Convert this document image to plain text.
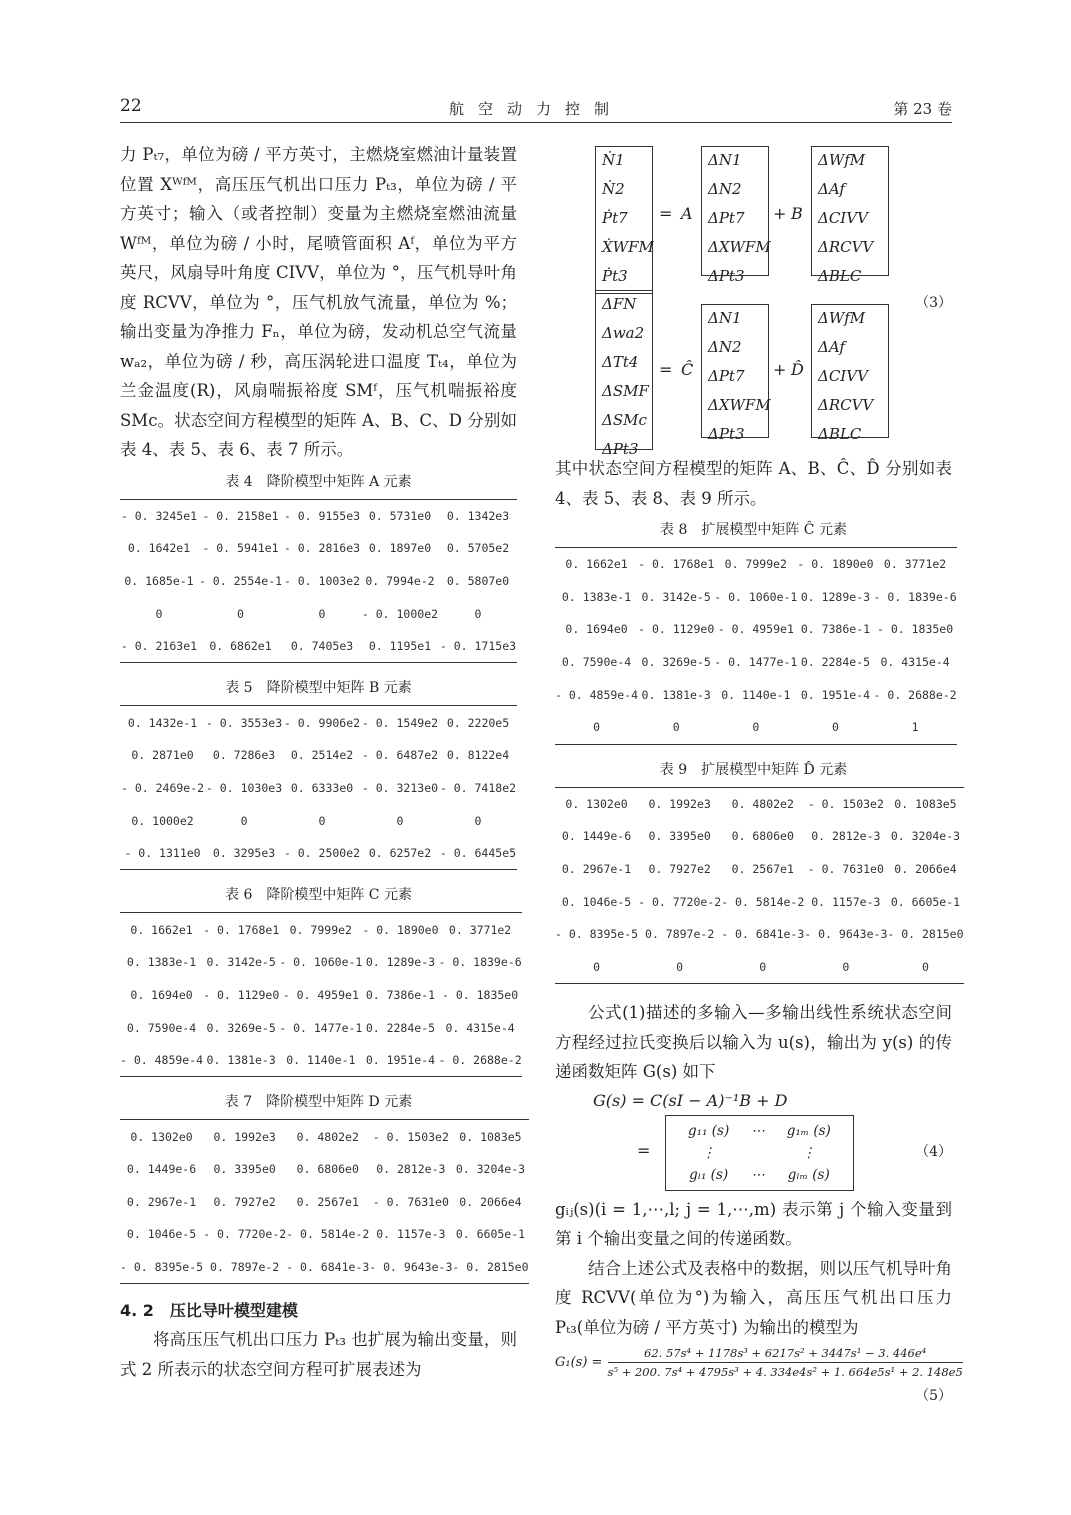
22	航空动力控制	第 23 卷

力 Pₜ₇，单位为磅 / 平方英寸，主燃烧室燃油计量装置位置 Xᵂᶠᴹ，高压压气机出口压力 Pₜ₃，单位为磅 / 平方英寸；输入（或者控制）变量为主燃烧室燃油流量 Wᶠᴹ，单位为磅 / 小时，尾喷管面积 Aᶠ，单位为平方英尺，风扇导叶角度 CIVV，单位为 °，压气机导叶角度 RCVV，单位为 °，压气机放气流量，单位为 %；输出变量为净推力 Fₙ，单位为磅，发动机总空气流量 wₐ₂，单位为磅 / 秒，高压涡轮进口温度 Tₜ₄，单位为兰金温度(R)，风扇喘振裕度 SMᶠ，压气机喘振裕度 SMc。状态空间方程模型的矩阵 A、B、C、D 分别如表 4、表 5、表 6、表 7 所示。

表 4　降阶模型中矩阵 A 元素
- 0. 3245e1	- 0. 2158e1	- 0. 9155e3	0. 5731e0	0. 1342e3
0. 1642e1	- 0. 5941e1	- 0. 2816e3	0. 1897e0	0. 5705e2
0. 1685e-1	- 0. 2554e-1	- 0. 1003e2	0. 7994e-2	0. 5807e0
0	0	0	- 0. 1000e2	0
- 0. 2163e1	0. 6862e1	0. 7405e3	0. 1195e1	- 0. 1715e3
表 5　降阶模型中矩阵 B 元素
0. 1432e-1	- 0. 3553e3	- 0. 9906e2	- 0. 1549e2	0. 2220e5
0. 2871e0	0. 7286e3	0. 2514e2	- 0. 6487e2	0. 8122e4
- 0. 2469e-2	- 0. 1030e3	0. 6333e0	- 0. 3213e0	- 0. 7418e2
0. 1000e2	0	0	0	0
- 0. 1311e0	0. 3295e3	- 0. 2500e2	0. 6257e2	- 0. 6445e5
表 6　降阶模型中矩阵 C 元素
0. 1662e1	- 0. 1768e1	0. 7999e2	- 0. 1890e0	0. 3771e2
0. 1383e-1	0. 3142e-5	- 0. 1060e-1	0. 1289e-3	- 0. 1839e-6
0. 1694e0	- 0. 1129e0	- 0. 4959e1	0. 7386e-1	- 0. 1835e0
0. 7590e-4	0. 3269e-5	- 0. 1477e-1	0. 2284e-5	0. 4315e-4
- 0. 4859e-4	0. 1381e-3	0. 1140e-1	0. 1951e-4	- 0. 2688e-2
表 7　降阶模型中矩阵 D 元素
0. 1302e0	0. 1992e3	0. 4802e2	- 0. 1503e2	0. 1083e5
0. 1449e-6	0. 3395e0	0. 6806e0	0. 2812e-3	0. 3204e-3
0. 2967e-1	0. 7927e2	0. 2567e1	- 0. 7631e0	0. 2066e4
0. 1046e-5	- 0. 7720e-2	- 0. 5814e-2	0. 1157e-3	0. 6605e-1
- 0. 8395e-5	0. 7897e-2	- 0. 6841e-3	- 0. 9643e-3	- 0. 2815e0
4. 2　压比导叶模型建模

将高压压气机出口压力 Pₜ₃ 也扩展为输出变量，则式 2 所表示的状态空间方程可扩展表述为

Ṅ1
Ṅ2
Ṗt7
ẊWFM
Ṗt3
= A
ΔN1
ΔN2
ΔPt7
ΔXWFM
ΔPt3
+ B
ΔWfM
ΔAf
ΔCIVV
ΔRCVV
ΔBLC
ΔFN
Δwa2
ΔTt4
ΔSMF
ΔSMc
ΔPt3
= Ĉ
ΔN1
ΔN2
ΔPt7
ΔXWFM
ΔPt3
+ D̂
ΔWfM
ΔAf
ΔCIVV
ΔRCVV
ΔBLC
（3）

其中状态空间方程模型的矩阵 A、B、Ĉ、D̂ 分别如表 4、表 5、表 8、表 9 所示。

表 8　扩展模型中矩阵 Ĉ 元素
0. 1662e1	- 0. 1768e1	0. 7999e2	- 0. 1890e0	0. 3771e2
0. 1383e-1	0. 3142e-5	- 0. 1060e-1	0. 1289e-3	- 0. 1839e-6
0. 1694e0	- 0. 1129e0	- 0. 4959e1	0. 7386e-1	- 0. 1835e0
0. 7590e-4	0. 3269e-5	- 0. 1477e-1	0. 2284e-5	0. 4315e-4
- 0. 4859e-4	0. 1381e-3	0. 1140e-1	0. 1951e-4	- 0. 2688e-2
0	0	0	0	1
表 9　扩展模型中矩阵 D̂ 元素
0. 1302e0	0. 1992e3	0. 4802e2	- 0. 1503e2	0. 1083e5
0. 1449e-6	0. 3395e0	0. 6806e0	0. 2812e-3	0. 3204e-3
0. 2967e-1	0. 7927e2	0. 2567e1	- 0. 7631e0	0. 2066e4
0. 1046e-5	- 0. 7720e-2	- 0. 5814e-2	0. 1157e-3	0. 6605e-1
- 0. 8395e-5	0. 7897e-2	- 0. 6841e-3	- 0. 9643e-3	- 0. 2815e0
0	0	0	0	0

公式(1)描述的多输入—多输出线性系统状态空间方程经过拉氏变换后以输入为 u(s)，输出为 y(s) 的传递函数矩阵 G(s) 如下

G(s) = C(sI − A)⁻¹B + D
=
g₁₁ (s)	⋯	g₁ₘ (s)
⋮		⋮
gₗ₁ (s)	⋯	gₗₘ (s)
（4）

gᵢⱼ(s)(i = 1,⋯,l; j = 1,⋯,m) 表示第 j 个输入变量到第 i 个输出变量之间的传递函数。

结合上述公式及表格中的数据，则以压气机导叶角度 RCVV(单位为°)为输入，高压压气机出口压力 Pₜ₃(单位为磅 / 平方英寸) 为输出的模型为

$G_1(s) = \frac{\text{62. 57s⁴ + 1178s³ + 6217s² + 3447s¹ − 3. 446e⁴}}{\text{s⁵ + 200. 7s⁴ + 4795s³ + 4. 334e4s² + 1. 664e5s¹ + 2. 148e5}}$
（5）
